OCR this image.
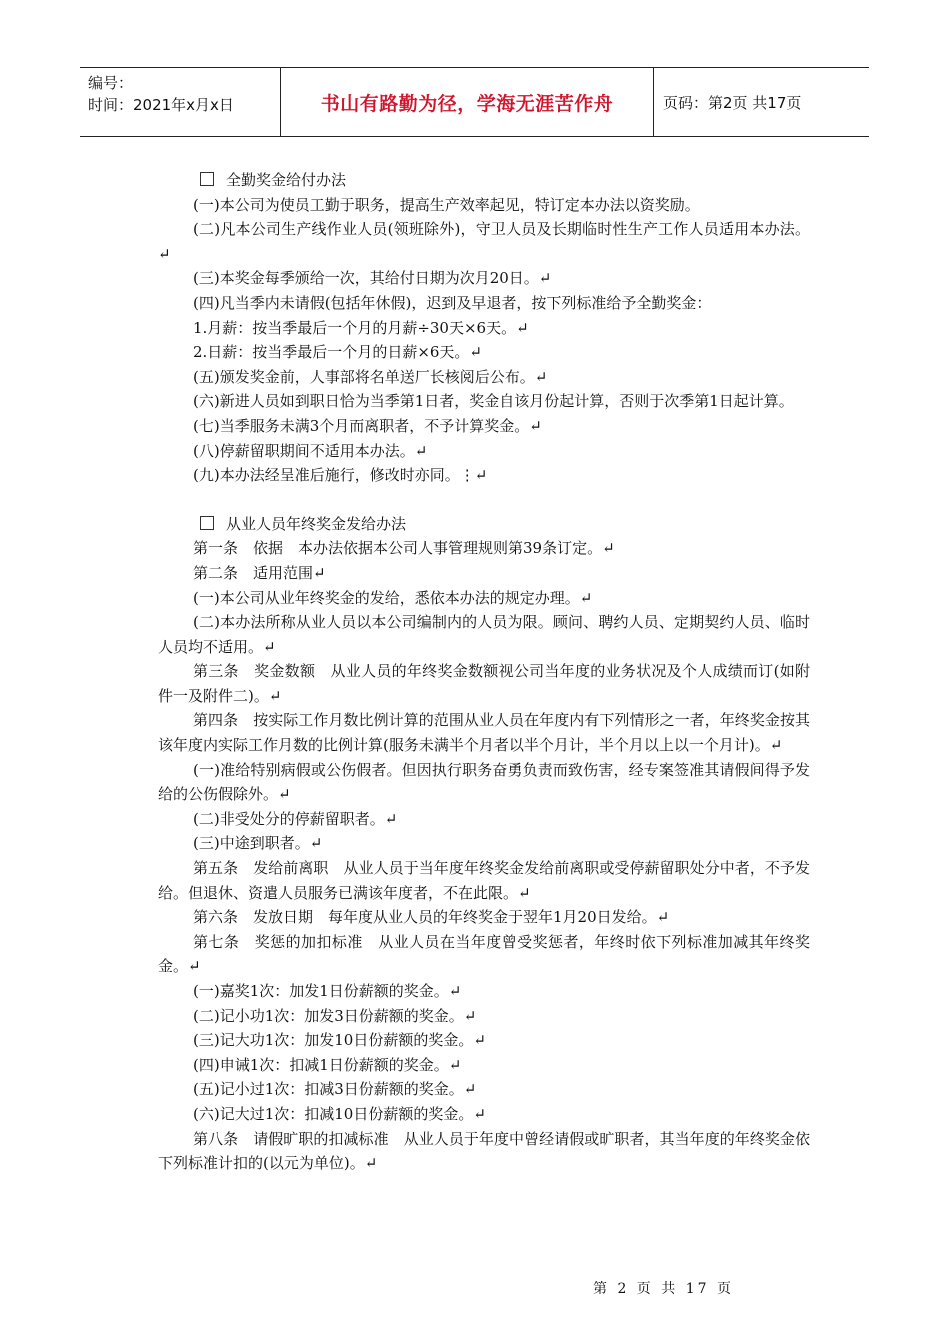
编号：
时间：2021年x月x日	书山有路勤为径，学海无涯苦作舟	页码：第2页 共17页
全勤奖金给付办法

(一)本公司为使员工勤于职务，提高生产效率起见，特订定本办法以资奖励。

(二)凡本公司生产线作业人员(领班除外)，守卫人员及长期临时性生产工作人员适用本办法。↵

(三)本奖金每季颁给一次，其给付日期为次月20日。↵

(四)凡当季内未请假(包括年休假)，迟到及早退者，按下列标准给予全勤奖金：

1.月薪：按当季最后一个月的月薪÷30天×6天。↵

2.日薪：按当季最后一个月的日薪×6天。↵

(五)颁发奖金前，人事部将名单送厂长核阅后公布。↵

(六)新进人员如到职日恰为当季第1日者，奖金自该月份起计算，否则于次季第1日起计算。

(七)当季服务未满3个月而离职者，不予计算奖金。↵

(八)停薪留职期间不适用本办法。↵

(九)本办法经呈准后施行，修改时亦同。⋮↵

从业人员年终奖金发给办法

第一条　依据　本办法依据本公司人事管理规则第39条订定。↵

第二条　适用范围↵

(一)本公司从业年终奖金的发给，悉依本办法的规定办理。↵

(二)本办法所称从业人员以本公司编制内的人员为限。顾问、聘约人员、定期契约人员、临时人员均不适用。↵

第三条　奖金数额　从业人员的年终奖金数额视公司当年度的业务状况及个人成绩而订(如附件一及附件二)。↵

第四条　按实际工作月数比例计算的范围从业人员在年度内有下列情形之一者，年终奖金按其该年度内实际工作月数的比例计算(服务未满半个月者以半个月计，半个月以上以一个月计)。↵

(一)准给特别病假或公伤假者。但因执行职务奋勇负责而致伤害，经专案签准其请假间得予发给的公伤假除外。↵

(二)非受处分的停薪留职者。↵

(三)中途到职者。↵

第五条　发给前离职　从业人员于当年度年终奖金发给前离职或受停薪留职处分中者，不予发给。但退休、资遣人员服务已满该年度者，不在此限。↵

第六条　发放日期　每年度从业人员的年终奖金于翌年1月20日发给。↵

第七条　奖惩的加扣标准　从业人员在当年度曾受奖惩者，年终时依下列标准加减其年终奖金。↵

(一)嘉奖1次：加发1日份薪额的奖金。↵

(二)记小功1次：加发3日份薪额的奖金。↵

(三)记大功1次：加发10日份薪额的奖金。↵

(四)申诫1次：扣减1日份薪额的奖金。↵

(五)记小过1次：扣减3日份薪额的奖金。↵

(六)记大过1次：扣减10日份薪额的奖金。↵

第八条　请假旷职的扣减标准　从业人员于年度中曾经请假或旷职者，其当年度的年终奖金依下列标准计扣的(以元为单位)。↵

第 2 页 共 17 页
